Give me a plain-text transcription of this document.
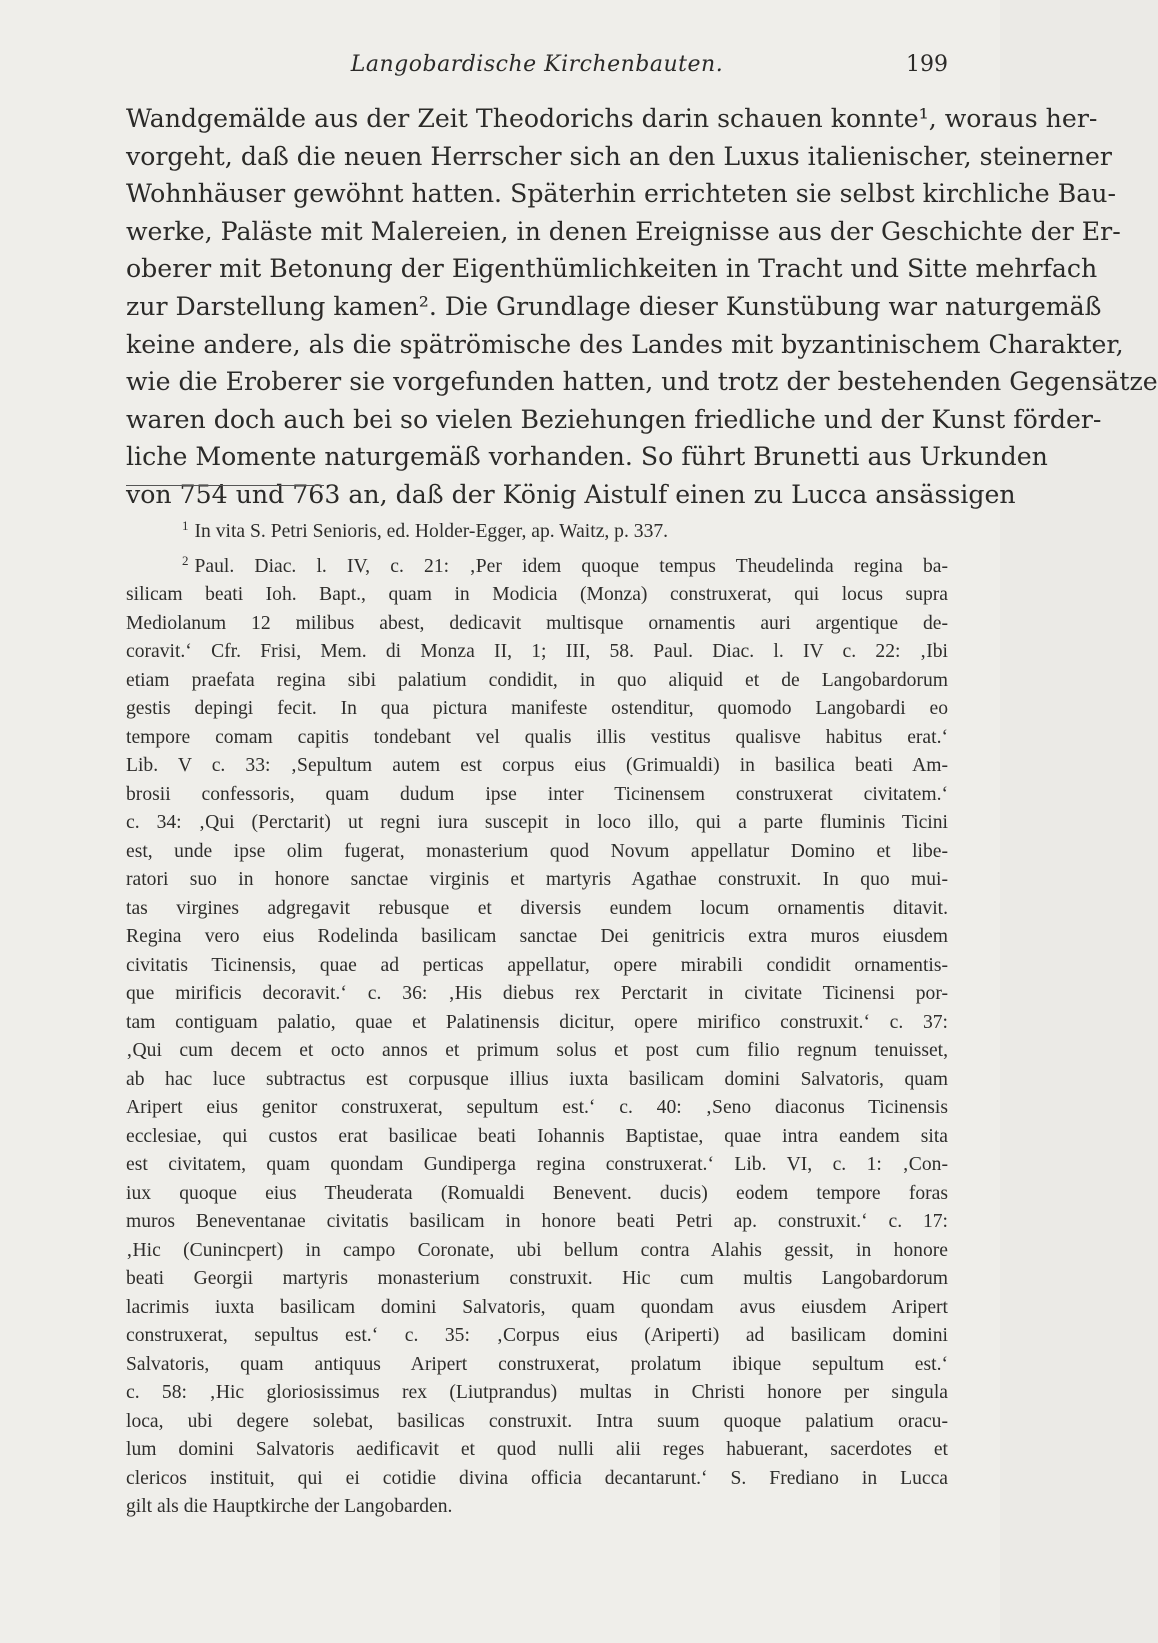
Langobardische Kirchenbauten.	199
Wandgemälde aus der Zeit Theodorichs darin schauen konnte¹, woraus her-
vorgeht, daß die neuen Herrscher sich an den Luxus italienischer, steinerner
Wohnhäuser gewöhnt hatten. Späterhin errichteten sie selbst kirchliche Bau-
werke, Paläste mit Malereien, in denen Ereignisse aus der Geschichte der Er-
oberer mit Betonung der Eigenthümlichkeiten in Tracht und Sitte mehrfach
zur Darstellung kamen². Die Grundlage dieser Kunstübung war naturgemäß
keine andere, als die spätrömische des Landes mit byzantinischem Charakter,
wie die Eroberer sie vorgefunden hatten, und trotz der bestehenden Gegensätze
waren doch auch bei so vielen Beziehungen friedliche und der Kunst förder-
liche Momente naturgemäß vorhanden. So führt Brunetti aus Urkunden
von 754 und 763 an, daß der König Aistulf einen zu Lucca ansässigen
$^1$ In vita S. Petri Senioris, ed. Holder-Egger, ap. Waitz, p. 337.
$^2$ Paul. Diac. l. IV, c. 21: ‚Per idem quoque tempus Theudelinda regina ba-
silicam beati Ioh. Bapt., quam in Modicia (Monza) construxerat, qui locus supra
Mediolanum 12 milibus abest, dedicavit multisque ornamentis auri argentique de-
coravit.‘ Cfr. Frisi, Mem. di Monza II, 1; III, 58. Paul. Diac. l. IV c. 22: ‚Ibi
etiam praefata regina sibi palatium condidit, in quo aliquid et de Langobardorum
gestis depingi fecit. In qua pictura manifeste ostenditur, quomodo Langobardi eo
tempore comam capitis tondebant vel qualis illis vestitus qualisve habitus erat.‘
Lib. V c. 33: ‚Sepultum autem est corpus eius (Grimualdi) in basilica beati Am-
brosii confessoris, quam dudum ipse inter Ticinensem construxerat civitatem.‘
c. 34: ‚Qui (Perctarit) ut regni iura suscepit in loco illo, qui a parte fluminis Ticini
est, unde ipse olim fugerat, monasterium quod Novum appellatur Domino et libe-
ratori suo in honore sanctae virginis et martyris Agathae construxit. In quo mui-
tas virgines adgregavit rebusque et diversis eundem locum ornamentis ditavit.
Regina vero eius Rodelinda basilicam sanctae Dei genitricis extra muros eiusdem
civitatis Ticinensis, quae ad perticas appellatur, opere mirabili condidit ornamentis-
que mirificis decoravit.‘ c. 36: ‚His diebus rex Perctarit in civitate Ticinensi por-
tam contiguam palatio, quae et Palatinensis dicitur, opere mirifico construxit.‘ c. 37:
‚Qui cum decem et octo annos et primum solus et post cum filio regnum tenuisset,
ab hac luce subtractus est corpusque illius iuxta basilicam domini Salvatoris, quam
Aripert eius genitor construxerat, sepultum est.‘ c. 40: ‚Seno diaconus Ticinensis
ecclesiae, qui custos erat basilicae beati Iohannis Baptistae, quae intra eandem sita
est civitatem, quam quondam Gundiperga regina construxerat.‘ Lib. VI, c. 1: ‚Con-
iux quoque eius Theuderata (Romualdi Benevent. ducis) eodem tempore foras
muros Beneventanae civitatis basilicam in honore beati Petri ap. construxit.‘ c. 17:
‚Hic (Cunincpert) in campo Coronate, ubi bellum contra Alahis gessit, in honore
beati Georgii martyris monasterium construxit. Hic cum multis Langobardorum
lacrimis iuxta basilicam domini Salvatoris, quam quondam avus eiusdem Aripert
construxerat, sepultus est.‘ c. 35: ‚Corpus eius (Ariperti) ad basilicam domini
Salvatoris, quam antiquus Aripert construxerat, prolatum ibique sepultum est.‘
c. 58: ‚Hic gloriosissimus rex (Liutprandus) multas in Christi honore per singula
loca, ubi degere solebat, basilicas construxit. Intra suum quoque palatium oracu-
lum domini Salvatoris aedificavit et quod nulli alii reges habuerant, sacerdotes et
clericos instituit, qui ei cotidie divina officia decantarunt.‘ S. Frediano in Lucca
gilt als die Hauptkirche der Langobarden.
